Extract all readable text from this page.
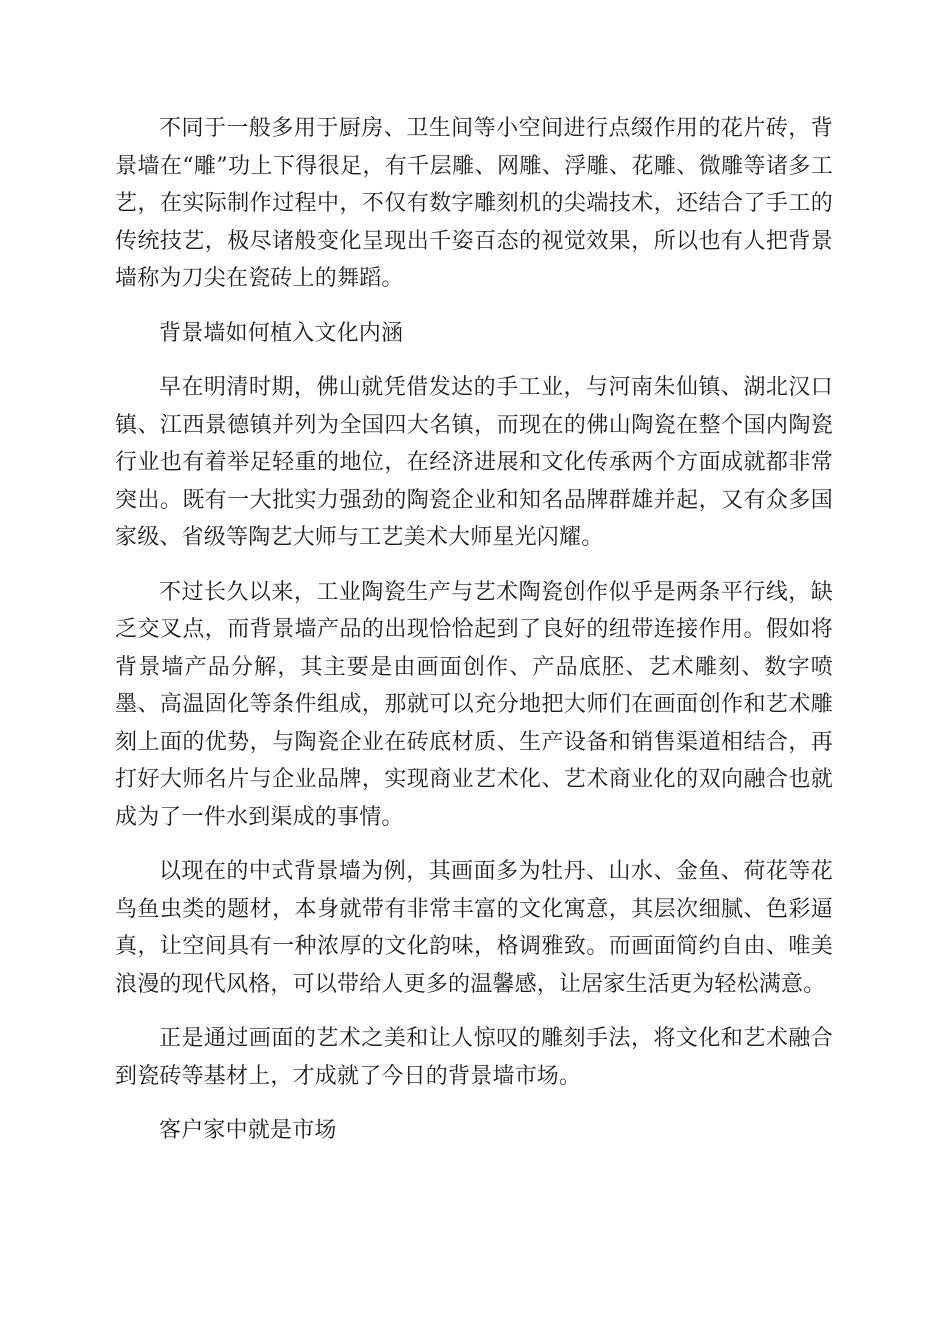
不同于一般多用于厨房、卫生间等小空间进行点缀作用的花片砖，背景墙在“雕”功上下得很足，有千层雕、网雕、浮雕、花雕、微雕等诸多工艺，在实际制作过程中，不仅有数字雕刻机的尖端技术，还结合了手工的传统技艺，极尽诸般变化呈现出千姿百态的视觉效果，所以也有人把背景墙称为刀尖在瓷砖上的舞蹈。

背景墙如何植入文化内涵

早在明清时期，佛山就凭借发达的手工业，与河南朱仙镇、湖北汉口镇、江西景德镇并列为全国四大名镇，而现在的佛山陶瓷在整个国内陶瓷行业也有着举足轻重的地位，在经济进展和文化传承两个方面成就都非常突出。既有一大批实力强劲的陶瓷企业和知名品牌群雄并起，又有众多国家级、省级等陶艺大师与工艺美术大师星光闪耀。

不过长久以来，工业陶瓷生产与艺术陶瓷创作似乎是两条平行线，缺乏交叉点，而背景墙产品的出现恰恰起到了良好的纽带连接作用。假如将背景墙产品分解，其主要是由画面创作、产品底胚、艺术雕刻、数字喷墨、高温固化等条件组成，那就可以充分地把大师们在画面创作和艺术雕刻上面的优势，与陶瓷企业在砖底材质、生产设备和销售渠道相结合，再打好大师名片与企业品牌，实现商业艺术化、艺术商业化的双向融合也就成为了一件水到渠成的事情。

以现在的中式背景墙为例，其画面多为牡丹、山水、金鱼、荷花等花鸟鱼虫类的题材，本身就带有非常丰富的文化寓意，其层次细腻、色彩逼真，让空间具有一种浓厚的文化韵味，格调雅致。而画面简约自由、唯美浪漫的现代风格，可以带给人更多的温馨感，让居家生活更为轻松满意。

正是通过画面的艺术之美和让人惊叹的雕刻手法，将文化和艺术融合到瓷砖等基材上，才成就了今日的背景墙市场。

客户家中就是市场
